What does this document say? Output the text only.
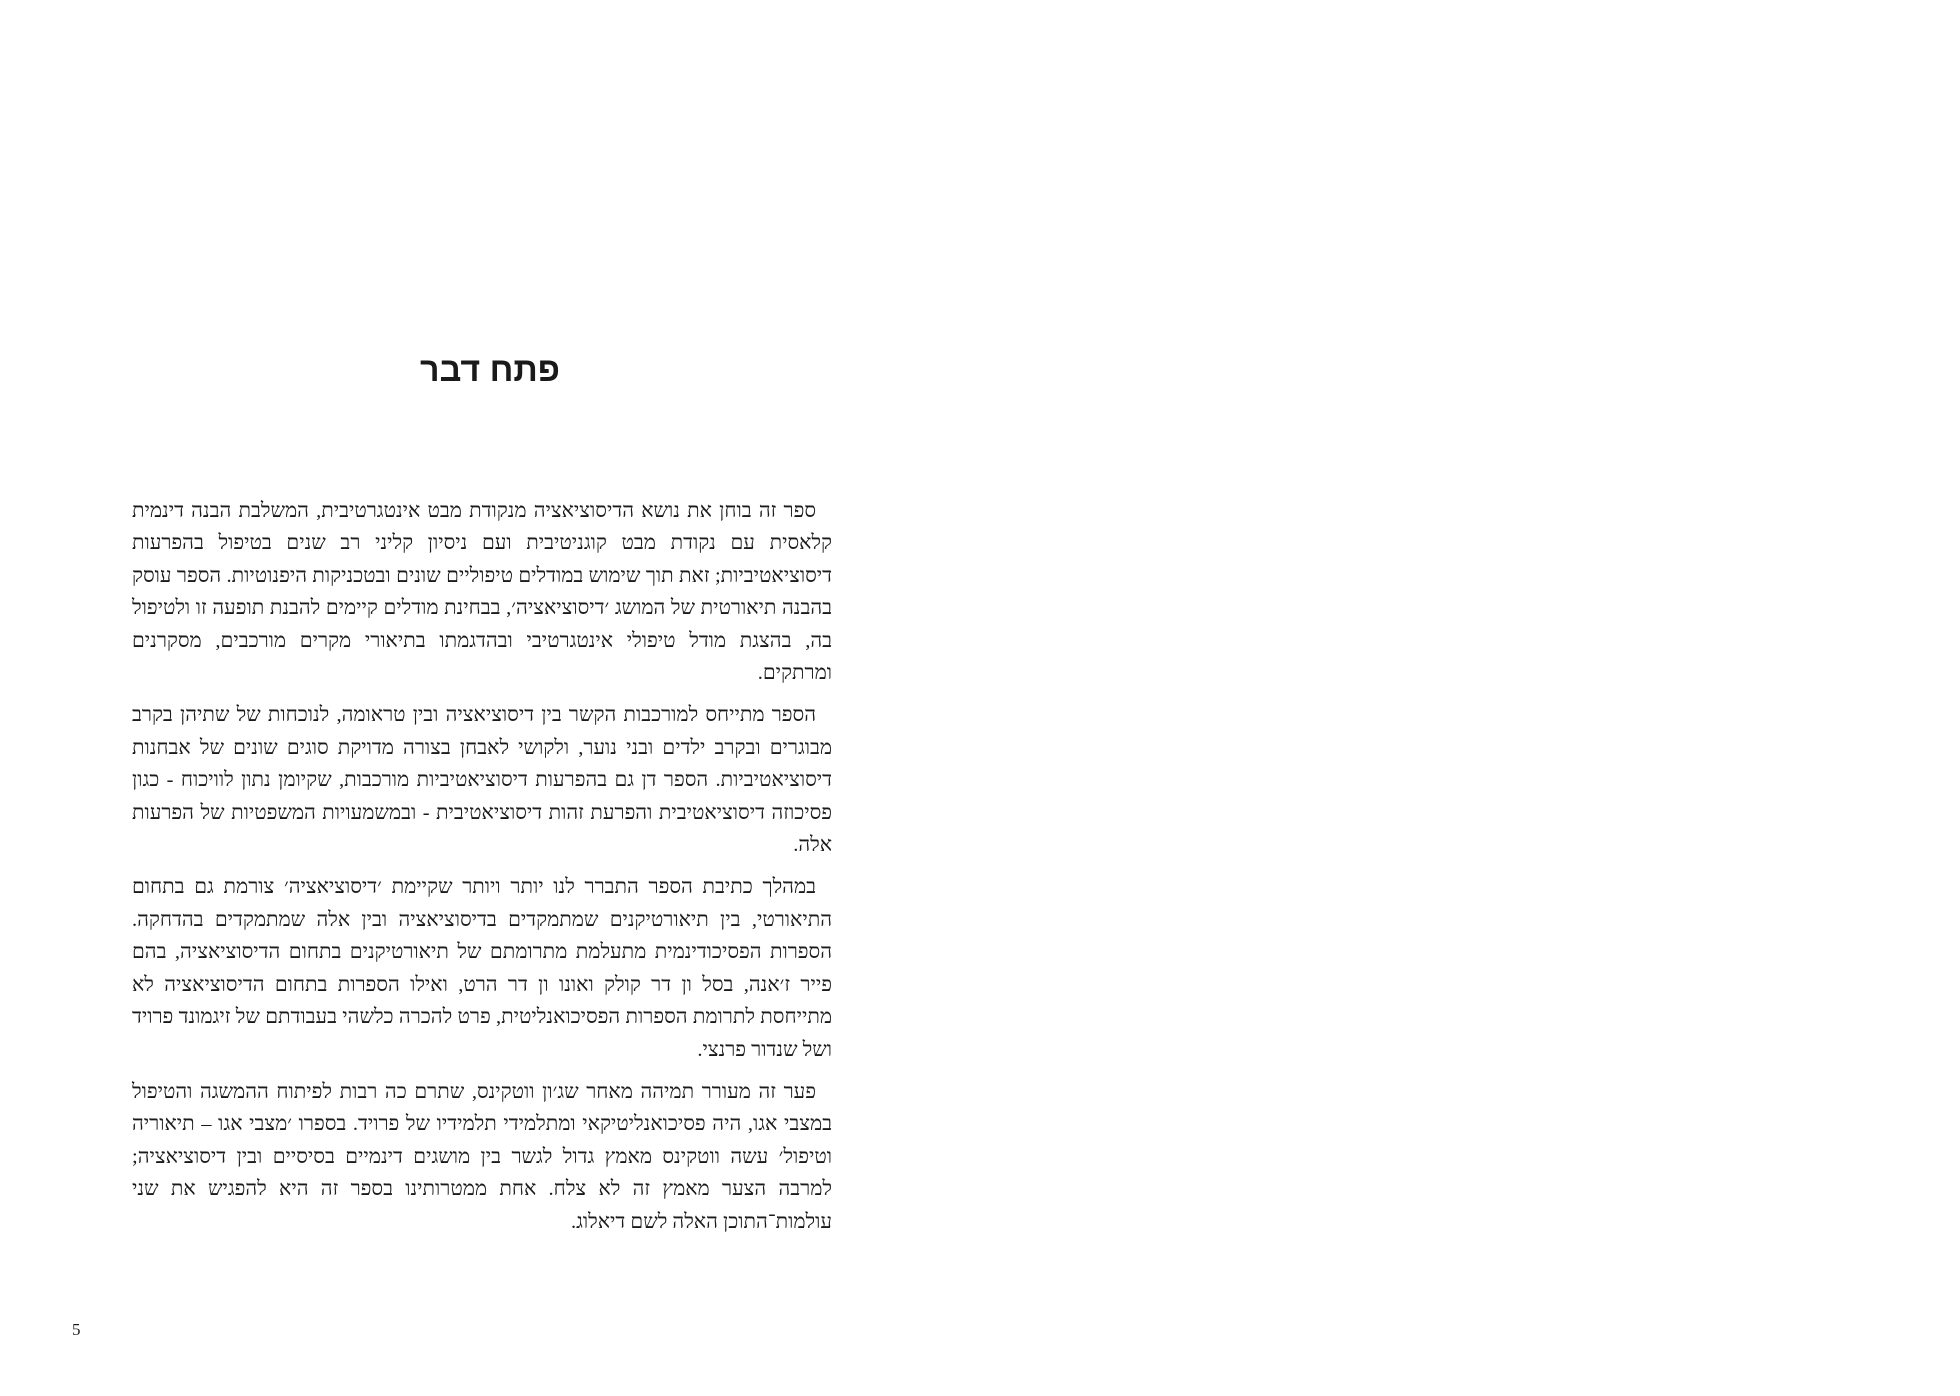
פתח דבר

ספר זה בוחן את נושא הדיסוציאציה מנקודת מבט אינטגרטיבית, המשלבת הבנה דינמית קלאסית עם נקודת מבט קוגניטיבית ועם ניסיון קליני רב שנים בטיפול בהפרעות דיסוציאטיביות; זאת תוך שימוש במודלים טיפוליים שונים ובטכניקות היפנוטיות. הספר עוסק בהבנה תיאורטית של המושג ׳דיסוציאציה׳, בבחינת מודלים קיימים להבנת תופעה זו ולטיפול בה, בהצגת מודל טיפולי אינטגרטיבי ובהדגמתו בתיאורי מקרים מורכבים, מסקרנים ומרתקים.

הספר מתייחס למורכבות הקשר בין דיסוציאציה ובין טראומה, לנוכחות של שתיהן בקרב מבוגרים ובקרב ילדים ובני נוער, ולקושי לאבחן בצורה מדויקת סוגים שונים של אבחנות דיסוציאטיביות. הספר דן גם בהפרעות דיסוציאטיביות מורכבות, שקיומן נתון לוויכוח - כגון פסיכוזה דיסוציאטיבית והפרעת זהות דיסוציאטיבית - ובמשמעויות המשפטיות של הפרעות אלה.

במהלך כתיבת הספר התברר לנו יותר ויותר שקיימת ׳דיסוציאציה׳ צורמת גם בתחום התיאורטי, בין תיאורטיקנים שמתמקדים בדיסוציאציה ובין אלה שמתמקדים בהדחקה. הספרות הפסיכודינמית מתעלמת מתרומתם של תיאורטיקנים בתחום הדיסוציאציה, בהם פייר ז׳אנה, בסל ון דר קולק ואונו ון דר הרט, ואילו הספרות בתחום הדיסוציאציה לא מתייחסת לתרומת הספרות הפסיכואנליטית, פרט להכרה כלשהי בעבודתם של זיגמונד פרויד ושל שנדור פרנצי.

פער זה מעורר תמיהה מאחר שג׳ון ווטקינס, שתרם כה רבות לפיתוח ההמשגה והטיפול במצבי אגו, היה פסיכואנליטיקאי ומתלמידי תלמידיו של פרויד. בספרו ׳מצבי אגו – תיאוריה וטיפול׳ עשה ווטקינס מאמץ גדול לגשר בין מושגים דינמיים בסיסיים ובין דיסוציאציה; למרבה הצער מאמץ זה לא צלח. אחת ממטרותינו בספר זה היא להפגיש את שני עולמות־התוכן האלה לשם דיאלוג.

5
